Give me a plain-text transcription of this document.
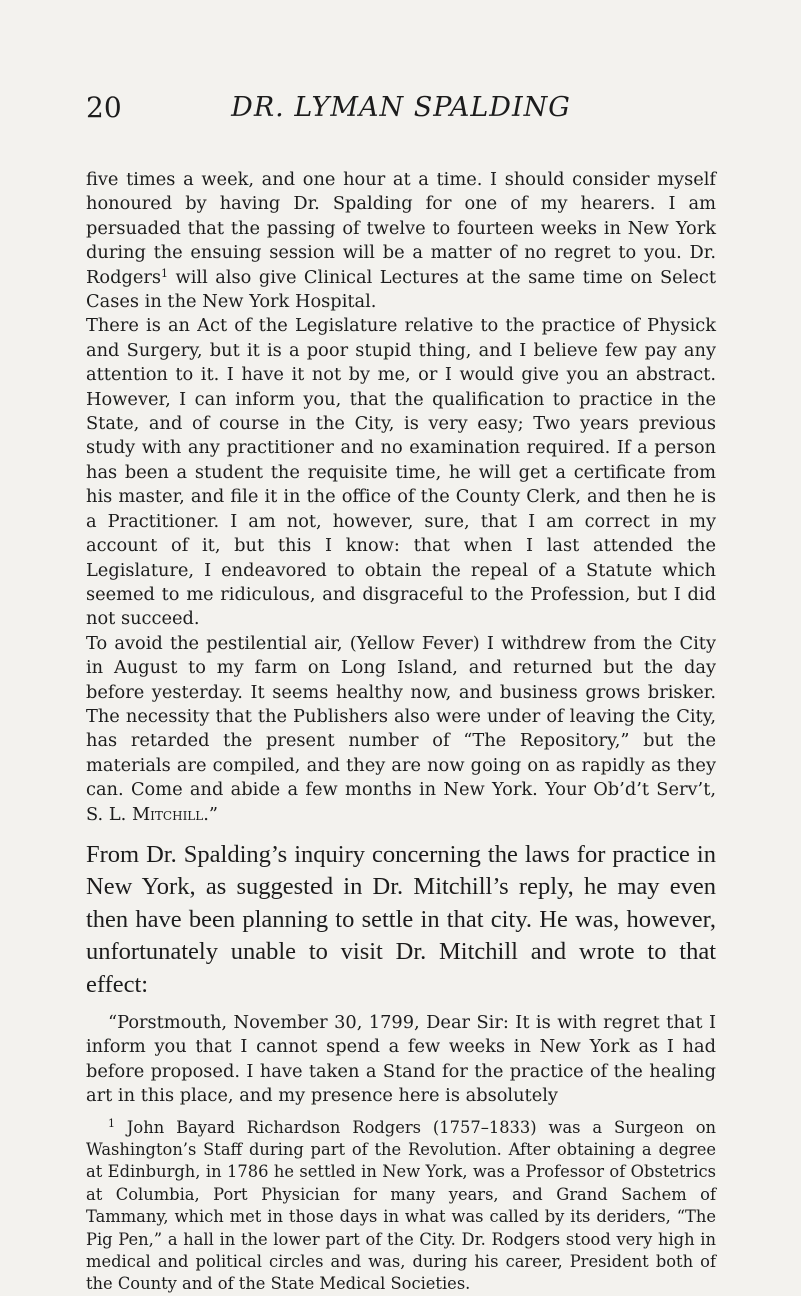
20	DR. LYMAN SPALDING

five times a week, and one hour at a time. I should consider myself honoured by having Dr. Spalding for one of my hearers. I am persuaded that the passing of twelve to fourteen weeks in New York during the ensuing session will be a matter of no regret to you. Dr. Rodgers$^1$ will also give Clinical Lectures at the same time on Select Cases in the New York Hospital.

There is an Act of the Legislature relative to the practice of Physick and Surgery, but it is a poor stupid thing, and I believe few pay any attention to it. I have it not by me, or I would give you an abstract. However, I can inform you, that the qualification to practice in the State, and of course in the City, is very easy; Two years previous study with any practitioner and no examination required. If a person has been a student the requisite time, he will get a certificate from his master, and file it in the office of the County Clerk, and then he is a Practitioner. I am not, however, sure, that I am correct in my account of it, but this I know: that when I last attended the Legislature, I endeavored to obtain the repeal of a Statute which seemed to me ridiculous, and disgraceful to the Profession, but I did not succeed.

To avoid the pestilential air, (Yellow Fever) I withdrew from the City in August to my farm on Long Island, and returned but the day before yesterday. It seems healthy now, and business grows brisker. The necessity that the Publishers also were under of leaving the City, has retarded the present number of “The Repository,” but the materials are compiled, and they are now going on as rapidly as they can. Come and abide a few months in New York. Your Ob’d’t Serv’t, S. L. Mitchill.”

From Dr. Spalding’s inquiry concerning the laws for practice in New York, as suggested in Dr. Mitchill’s reply, he may even then have been planning to settle in that city. He was, however, unfortunately unable to visit Dr. Mitchill and wrote to that effect:

“Porstmouth, November 30, 1799, Dear Sir: It is with regret that I inform you that I cannot spend a few weeks in New York as I had before proposed. I have taken a Stand for the practice of the healing art in this place, and my presence here is absolutely

$^1$ John Bayard Richardson Rodgers (1757–1833) was a Surgeon on Washington’s Staff during part of the Revolution. After obtaining a degree at Edinburgh, in 1786 he settled in New York, was a Professor of Obstetrics at Columbia, Port Physician for many years, and Grand Sachem of Tammany, which met in those days in what was called by its deriders, “The Pig Pen,” a hall in the lower part of the City. Dr. Rodgers stood very high in medical and political circles and was, during his career, President both of the County and of the State Medical Societies.
